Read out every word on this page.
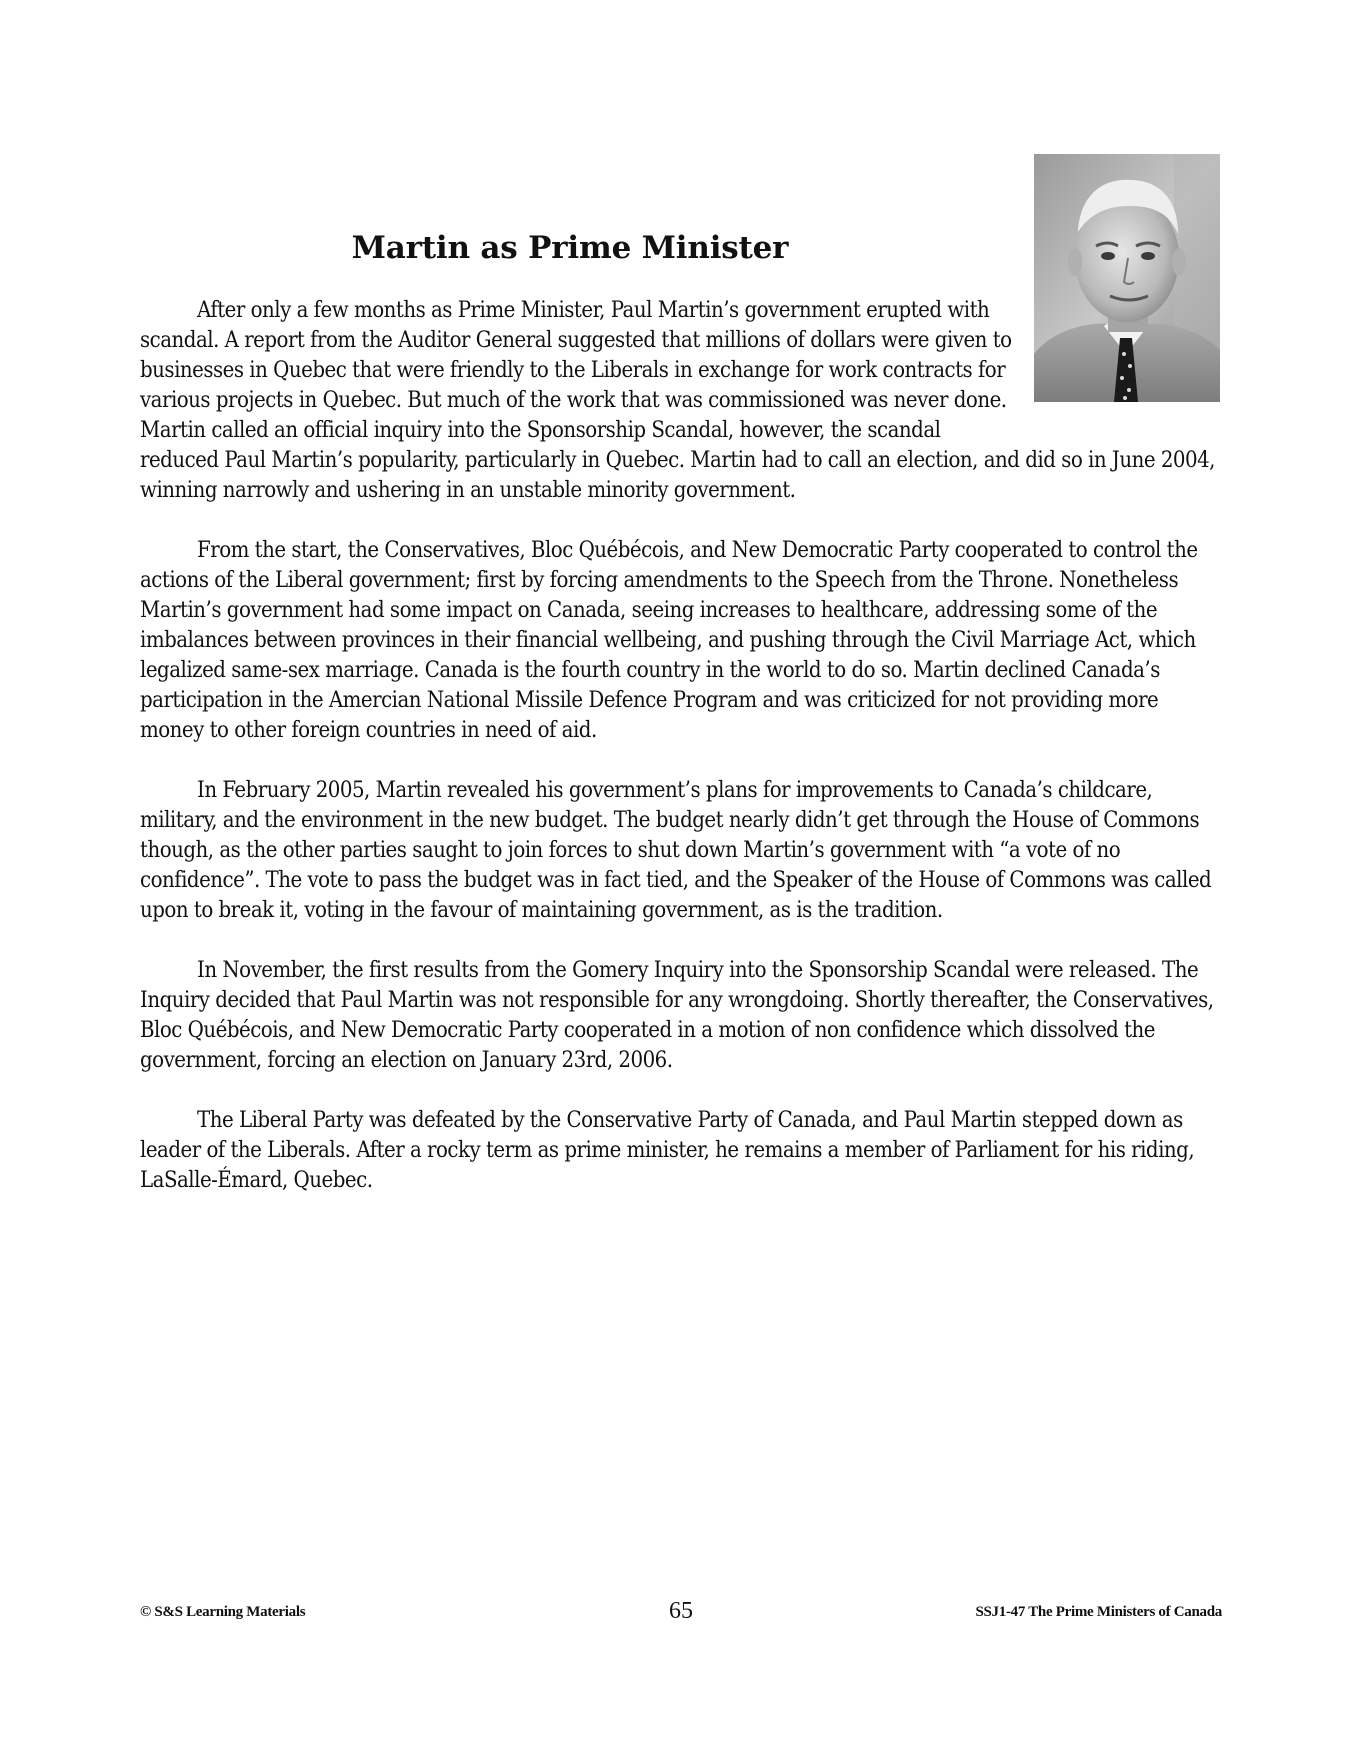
Martin as Prime Minister

After only a few months as Prime Minister, Paul Martin’s government erupted with scandal. A report from the Auditor General suggested that millions of dollars were given to businesses in Quebec that were friendly to the Liberals in exchange for work contracts for various projects in Quebec. But much of the work that was commissioned was never done. Martin called an official inquiry into the Sponsorship Scandal, however, the scandal reduced Paul Martin’s popularity, particularly in Quebec. Martin had to call an election, and did so in June 2004, winning narrowly and ushering in an unstable minority government.

From the start, the Conservatives, Bloc Québécois, and New Democratic Party cooperated to control the actions of the Liberal government; first by forcing amendments to the Speech from the Throne. Nonetheless Martin’s government had some impact on Canada, seeing increases to healthcare, addressing some of the imbalances between provinces in their financial wellbeing, and pushing through the Civil Marriage Act, which legalized same-sex marriage. Canada is the fourth country in the world to do so. Martin declined Canada’s participation in the Amercian National Missile Defence Program and was criticized for not providing more money to other foreign countries in need of aid.

In February 2005, Martin revealed his government’s plans for improvements to Canada’s childcare, military, and the environment in the new budget. The budget nearly didn’t get through the House of Commons though, as the other parties saught to join forces to shut down Martin’s government with “a vote of no confidence”. The vote to pass the budget was in fact tied, and the Speaker of the House of Commons was called upon to break it, voting in the favour of maintaining government, as is the tradition.

In November, the first results from the Gomery Inquiry into the Sponsorship Scandal were released. The Inquiry decided that Paul Martin was not responsible for any wrongdoing. Shortly thereafter, the Conservatives, Bloc Québécois, and New Democratic Party cooperated in a motion of non confidence which dissolved the government, forcing an election on January 23rd, 2006.

The Liberal Party was defeated by the Conservative Party of Canada, and Paul Martin stepped down as leader of the Liberals. After a rocky term as prime minister, he remains a member of Parliament for his riding, LaSalle-Émard, Quebec.

© S&S Learning Materials	65	SSJ1-47 The Prime Ministers of Canada
